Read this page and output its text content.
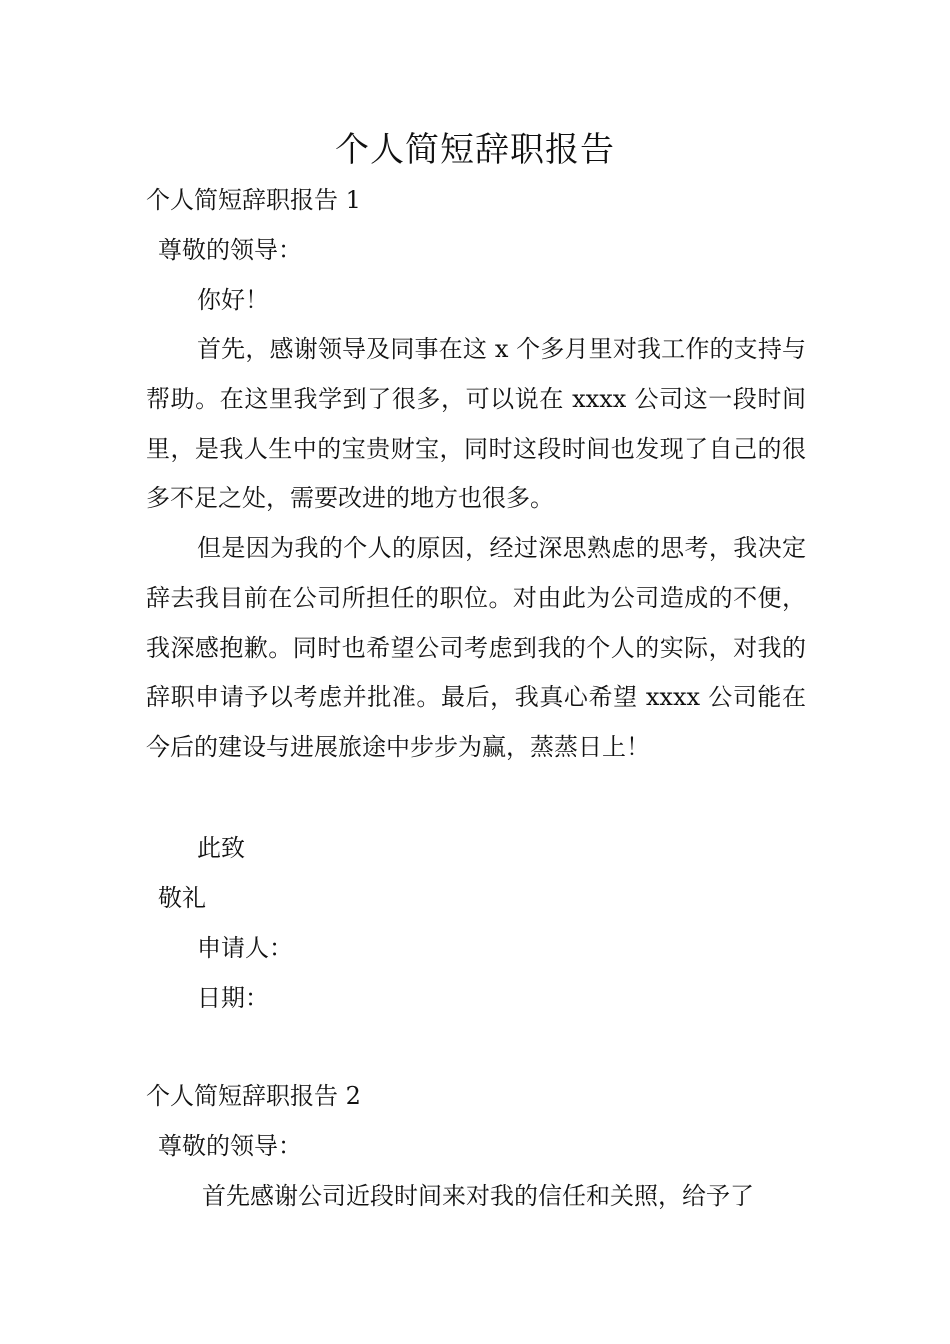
个人简短辞职报告
个人简短辞职报告 1
尊敬的领导：
你好！
首先，感谢领导及同事在这 x 个多月里对我工作的支持与帮助。在这里我学到了很多，可以说在 xxxx 公司这一段时间里，是我人生中的宝贵财宝，同时这段时间也发现了自己的很多不足之处，需要改进的地方也很多。
但是因为我的个人的原因，经过深思熟虑的思考，我决定辞去我目前在公司所担任的职位。对由此为公司造成的不便，我深感抱歉。同时也希望公司考虑到我的个人的实际，对我的辞职申请予以考虑并批准。最后，我真心希望 xxxx 公司能在今后的建设与进展旅途中步步为赢，蒸蒸日上！
此致
敬礼
申请人：
日期：
个人简短辞职报告 2
尊敬的领导：
首先感谢公司近段时间来对我的信任和关照，给予了
